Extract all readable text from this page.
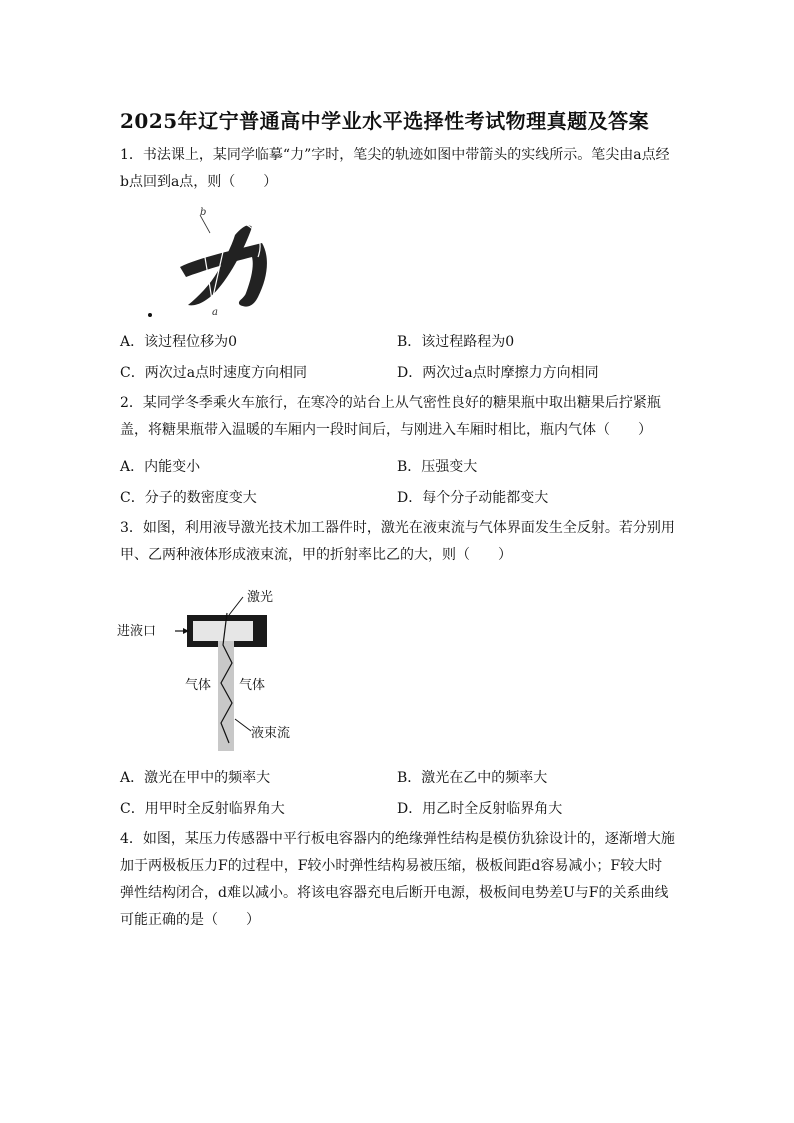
2025年辽宁普通高中学业水平选择性考试物理真题及答案
1．书法课上，某同学临摹“力”字时，笔尖的轨迹如图中带箭头的实线所示。笔尖由a点经b点回到a点，则（　　）
b
a
A．该过程位移为0	B．该过程路程为0
C．两次过a点时速度方向相同	D．两次过a点时摩擦力方向相同
2．某同学冬季乘火车旅行，在寒冷的站台上从气密性良好的糖果瓶中取出糖果后拧紧瓶盖，将糖果瓶带入温暖的车厢内一段时间后，与刚进入车厢时相比，瓶内气体（　　）
A．内能变小	B．压强变大
C．分子的数密度变大	D．每个分子动能都变大
3．如图，利用液导激光技术加工器件时，激光在液束流与气体界面发生全反射。若分别用甲、乙两种液体形成液束流，甲的折射率比乙的大，则（　　）
进液口
激光
气体 气体
液束流
A．激光在甲中的频率大	B．激光在乙中的频率大
C．用甲时全反射临界角大	D．用乙时全反射临界角大
4．如图，某压力传感器中平行板电容器内的绝缘弹性结构是模仿犰狳设计的，逐渐增大施加于两极板压力F的过程中，F较小时弹性结构易被压缩，极板间距d容易减小；F较大时弹性结构闭合，d难以减小。将该电容器充电后断开电源，极板间电势差U与F的关系曲线可能正确的是（　　）
